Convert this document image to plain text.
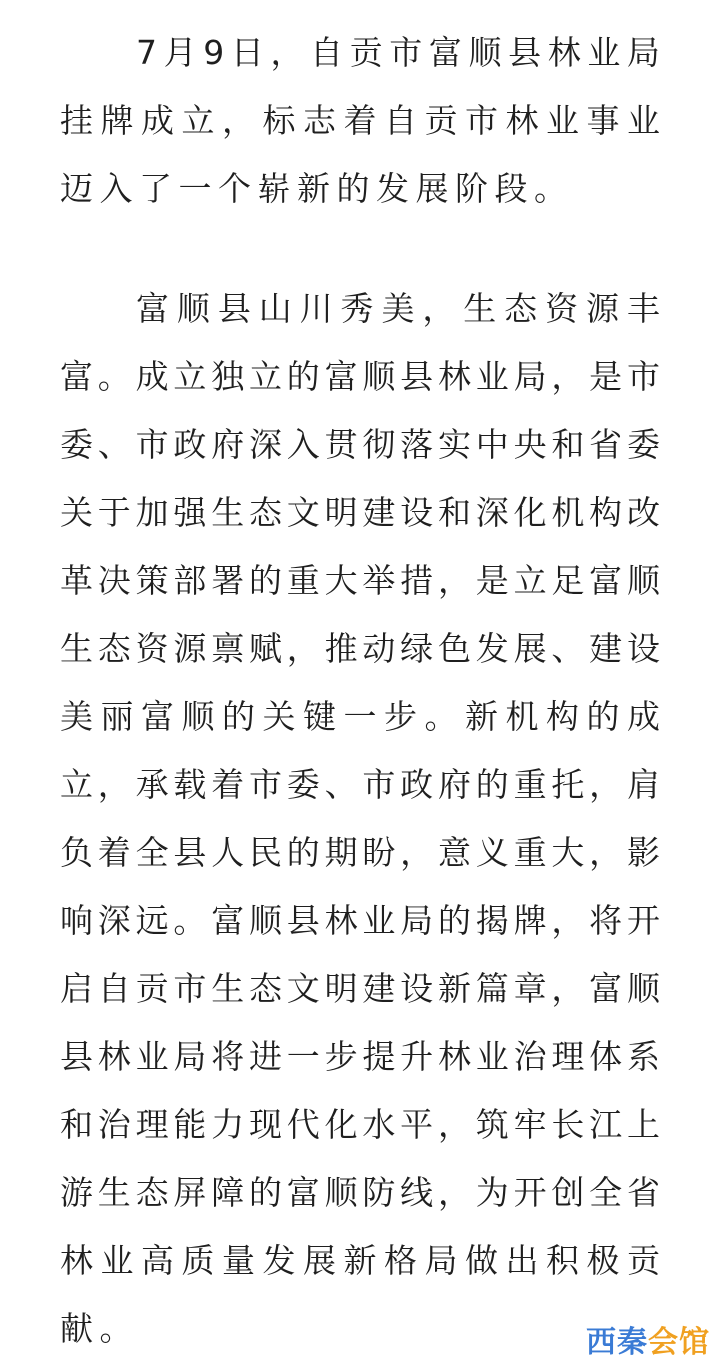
7 月 9 日 ， 自 贡 市 富 顺 县 林 业 局
挂 牌 成 立 ， 标 志 着 自 贡 市 林 业 事 业
迈 入 了 一 个 崭 新 的 发 展 阶 段 。
富 顺 县 山 川 秀 美 ， 生 态 资 源 丰
富 。 成 立 独 立 的 富 顺 县 林 业 局 ， 是 市
委 、 市 政 府 深 入 贯 彻 落 实 中 央 和 省 委
关 于 加 强 生 态 文 明 建 设 和 深 化 机 构 改
革 决 策 部 署 的 重 大 举 措 ， 是 立 足 富 顺
生 态 资 源 禀 赋 ， 推 动 绿 色 发 展 、 建 设
美 丽 富 顺 的 关 键 一 步 。 新 机 构 的 成
立 ， 承 载 着 市 委 、 市 政 府 的 重 托 ， 肩
负 着 全 县 人 民 的 期 盼 ， 意 义 重 大 ， 影
响 深 远 。 富 顺 县 林 业 局 的 揭 牌 ， 将 开
启 自 贡 市 生 态 文 明 建 设 新 篇 章 ， 富 顺
县 林 业 局 将 进 一 步 提 升 林 业 治 理 体 系
和 治 理 能 力 现 代 化 水 平 ， 筑 牢 长 江 上
游 生 态 屏 障 的 富 顺 防 线 ， 为 开 创 全 省
林 业 高 质 量 发 展 新 格 局 做 出 积 极 贡
献 。	西秦 会馆
